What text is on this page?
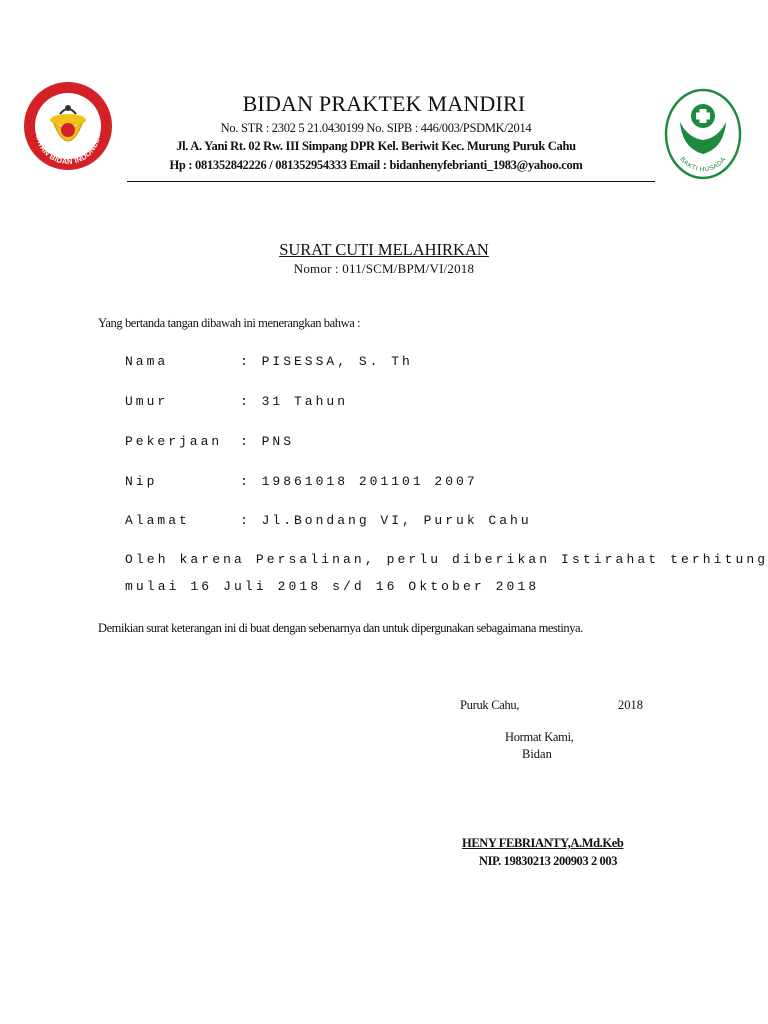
KATAN BIDAN INDONESIA
BAKTI HUSADA
BIDAN PRAKTEK MANDIRI
No. STR : 2302 5 21.0430199 No. SIPB : 446/003/PSDMK/2014
Jl. A. Yani Rt. 02 Rw. III Simpang DPR Kel. Beriwit Kec. Murung Puruk Cahu
Hp : 081352842226 / 081352954333 Email : bidanhenyfebrianti_1983@yahoo.com
SURAT CUTI MELAHIRKAN
Nomor : 011/SCM/BPM/VI/2018
Yang bertanda tangan dibawah ini menerangkan bahwa :
Nama	: PISESSA, S. Th
Umur	: 31 Tahun
Pekerjaan : PNS
Nip	: 19861018 201101 2007
Alamat	: Jl.Bondang VI, Puruk Cahu
Oleh karena Persalinan, perlu diberikan Istirahat terhitung
mulai 16 Juli 2018 s/d 16 Oktober 2018
Demikian surat keterangan ini di buat dengan sebenarnya dan untuk dipergunakan sebagaimana mestinya.
Puruk Cahu,	2018
Hormat Kami,
Bidan
HENY FEBRIANTY,A.Md.Keb
NIP. 19830213 200903 2 003
